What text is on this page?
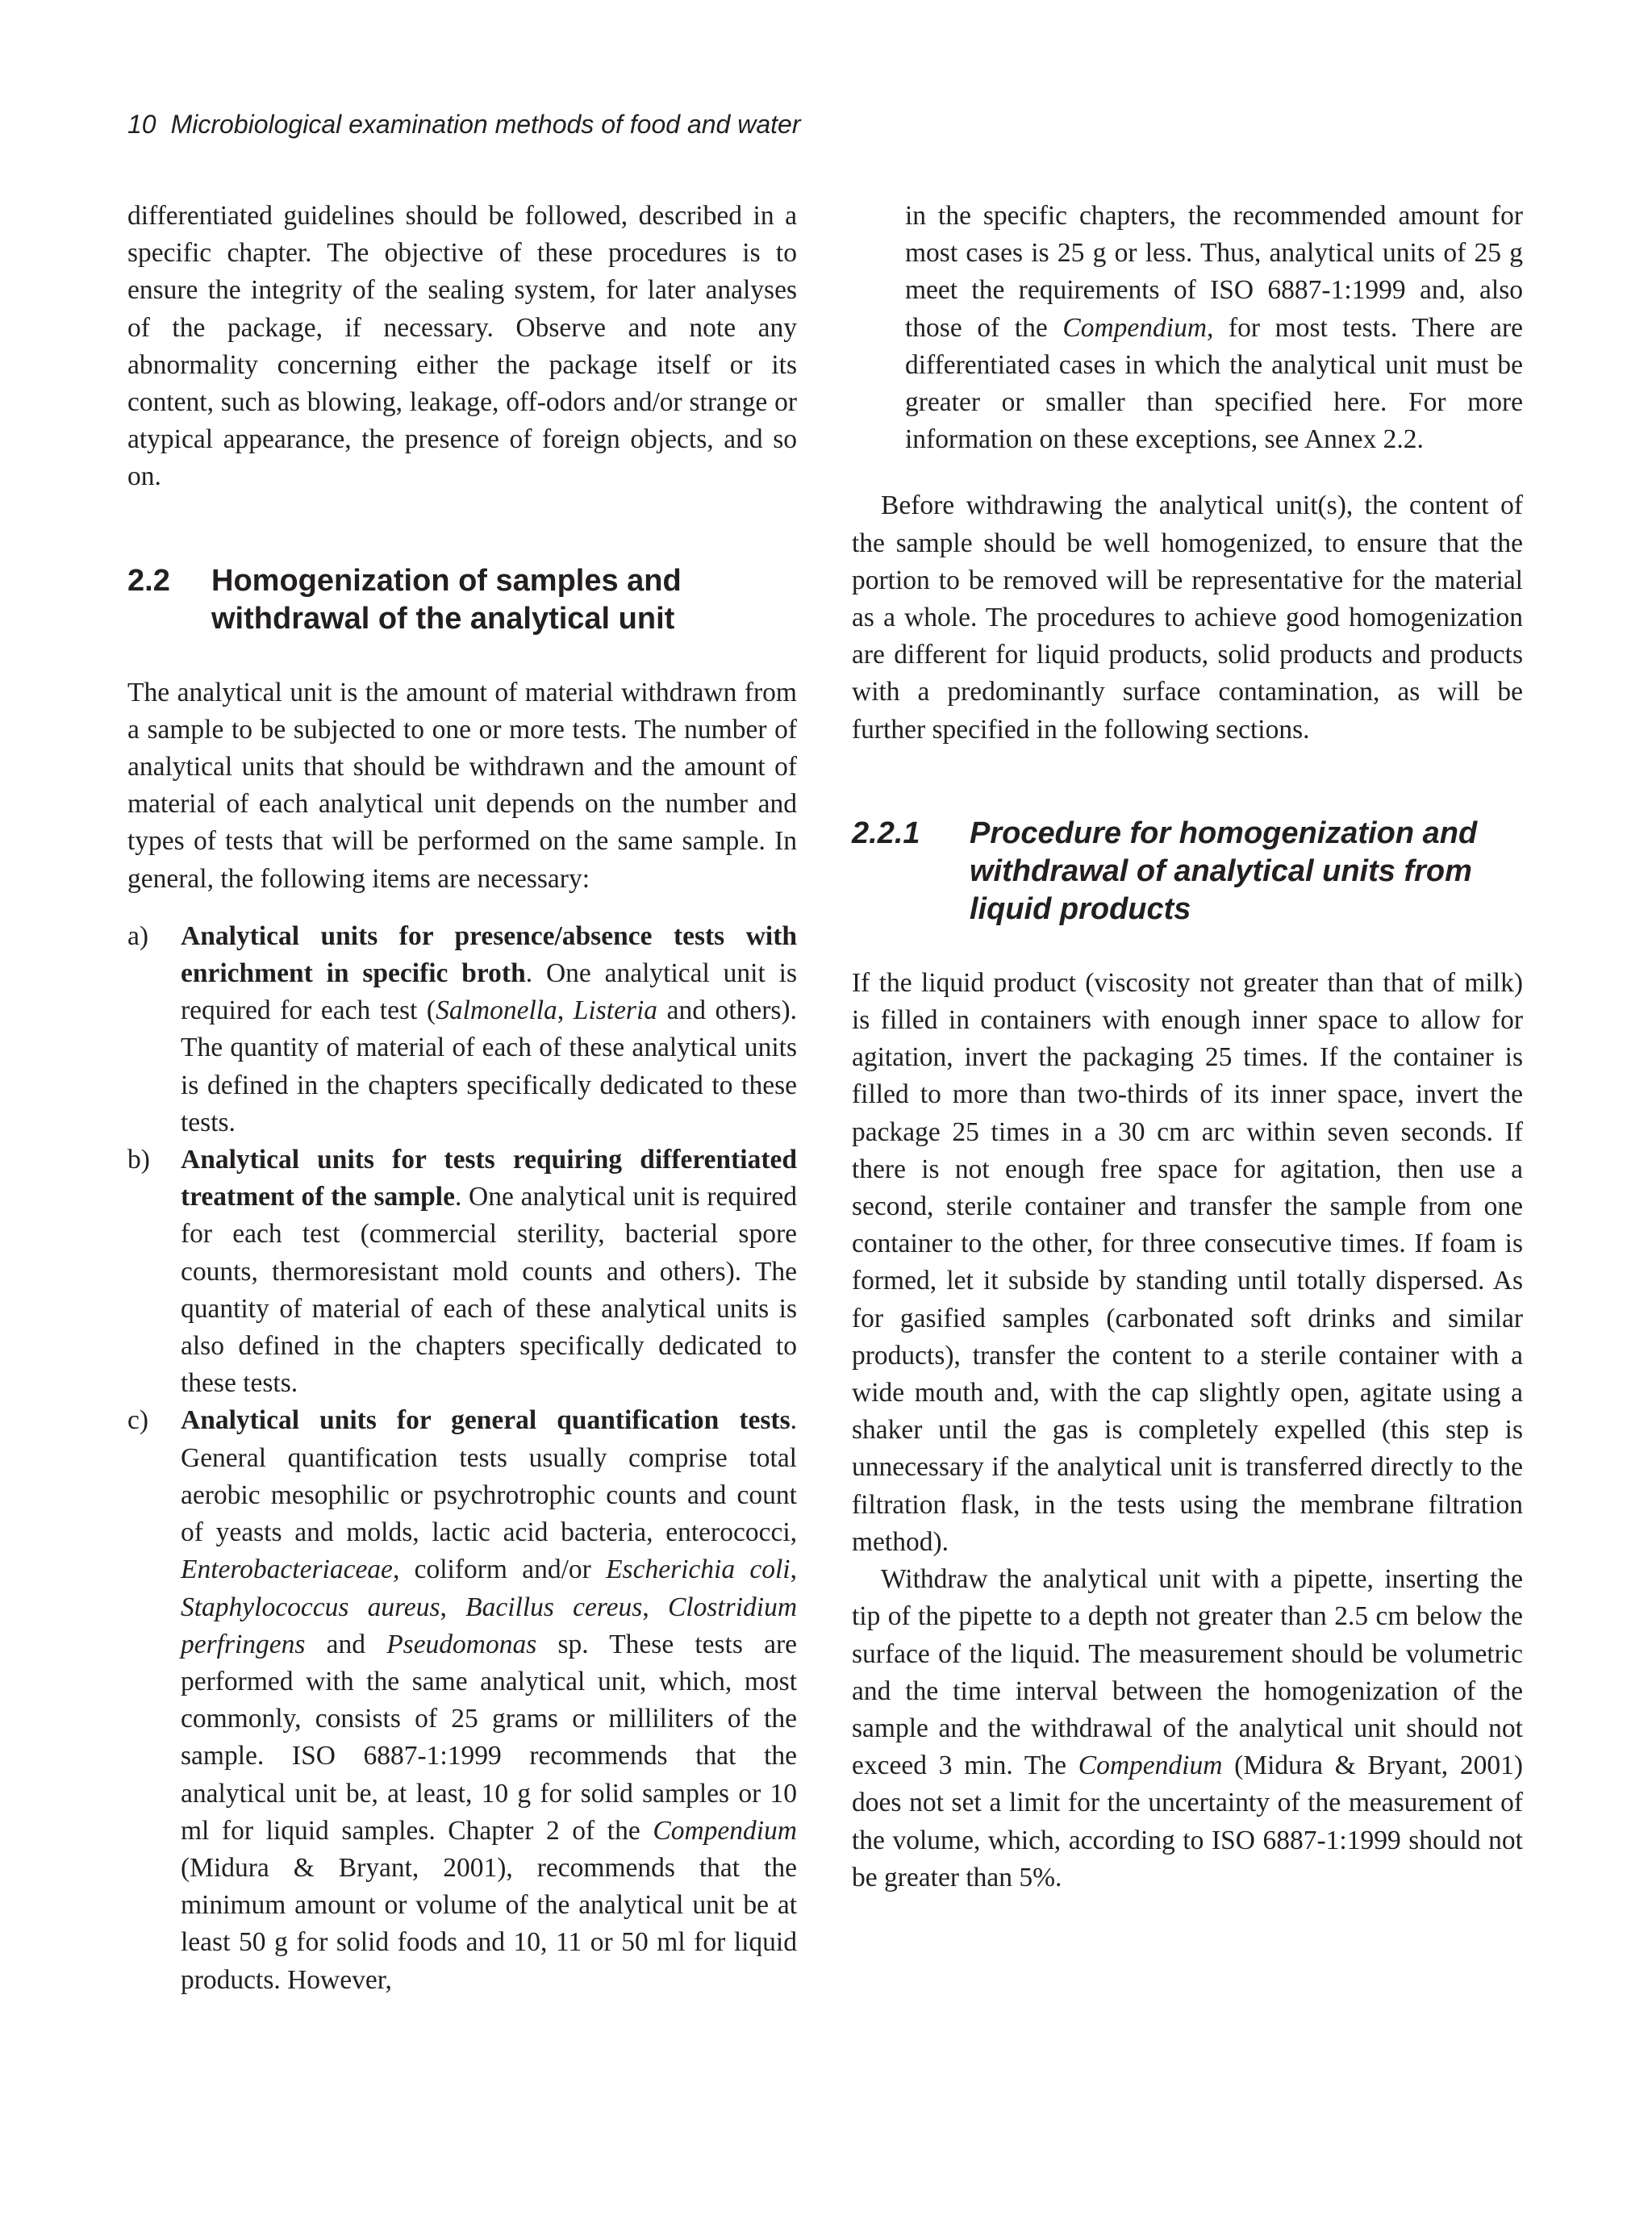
10 Microbiological examination methods of food and water

differentiated guidelines should be followed, described in a specific chapter. The objective of these procedures is to ensure the integrity of the sealing system, for later analyses of the package, if necessary. Observe and note any abnormality concerning either the package itself or its content, such as blowing, leakage, off-odors and/or strange or atypical appearance, the presence of foreign objects, and so on.

2.2	Homogenization of samples and withdrawal of the analytical unit

The analytical unit is the amount of material withdrawn from a sample to be subjected to one or more tests. The number of analytical units that should be withdrawn and the amount of material of each analytical unit depends on the number and types of tests that will be performed on the same sample. In general, the following items are necessary:

a)	Analytical units for presence/absence tests with enrichment in specific broth. One analytical unit is required for each test (Salmonella, Listeria and others). The quantity of material of each of these analytical units is defined in the chapters specifically dedicated to these tests.
b)	Analytical units for tests requiring differentiated treatment of the sample. One analytical unit is required for each test (commercial sterility, bacterial spore counts, thermoresistant mold counts and others). The quantity of material of each of these analytical units is also defined in the chapters specifically dedicated to these tests.
c)	Analytical units for general quantification tests. General quantification tests usually comprise total aerobic mesophilic or psychrotrophic counts and count of yeasts and molds, lactic acid bacteria, enterococci, Enterobacteriaceae, coliform and/or Escherichia coli, Staphylococcus aureus, Bacillus cereus, Clostridium perfringens and Pseudomonas sp. These tests are performed with the same analytical unit, which, most commonly, consists of 25 grams or milliliters of the sample. ISO 6887-1:1999 recommends that the analytical unit be, at least, 10 g for solid samples or 10 ml for liquid samples. Chapter 2 of the Compendium (Midura & Bryant, 2001), recommends that the minimum amount or volume of the analytical unit be at least 50 g for solid foods and 10, 11 or 50 ml for liquid products. However,

in the specific chapters, the recommended amount for most cases is 25 g or less. Thus, analytical units of 25 g meet the requirements of ISO 6887-1:1999 and, also those of the Compendium, for most tests. There are differentiated cases in which the analytical unit must be greater or smaller than specified here. For more information on these exceptions, see Annex 2.2.

Before withdrawing the analytical unit(s), the content of the sample should be well homogenized, to ensure that the portion to be removed will be representative for the material as a whole. The procedures to achieve good homogenization are different for liquid products, solid products and products with a predominantly surface contamination, as will be further specified in the following sections.

2.2.1	Procedure for homogenization and withdrawal of analytical units from liquid products

If the liquid product (viscosity not greater than that of milk) is filled in containers with enough inner space to allow for agitation, invert the packaging 25 times. If the container is filled to more than two-thirds of its inner space, invert the package 25 times in a 30 cm arc within seven seconds. If there is not enough free space for agitation, then use a second, sterile container and transfer the sample from one container to the other, for three consecutive times. If foam is formed, let it subside by standing until totally dispersed. As for gasified samples (carbonated soft drinks and similar products), transfer the content to a sterile container with a wide mouth and, with the cap slightly open, agitate using a shaker until the gas is completely expelled (this step is unnecessary if the analytical unit is transferred directly to the filtration flask, in the tests using the membrane filtration method).

Withdraw the analytical unit with a pipette, inserting the tip of the pipette to a depth not greater than 2.5 cm below the surface of the liquid. The measurement should be volumetric and the time interval between the homogenization of the sample and the withdrawal of the analytical unit should not exceed 3 min. The Compendium (Midura & Bryant, 2001) does not set a limit for the uncertainty of the measurement of the volume, which, according to ISO 6887-1:1999 should not be greater than 5%.
